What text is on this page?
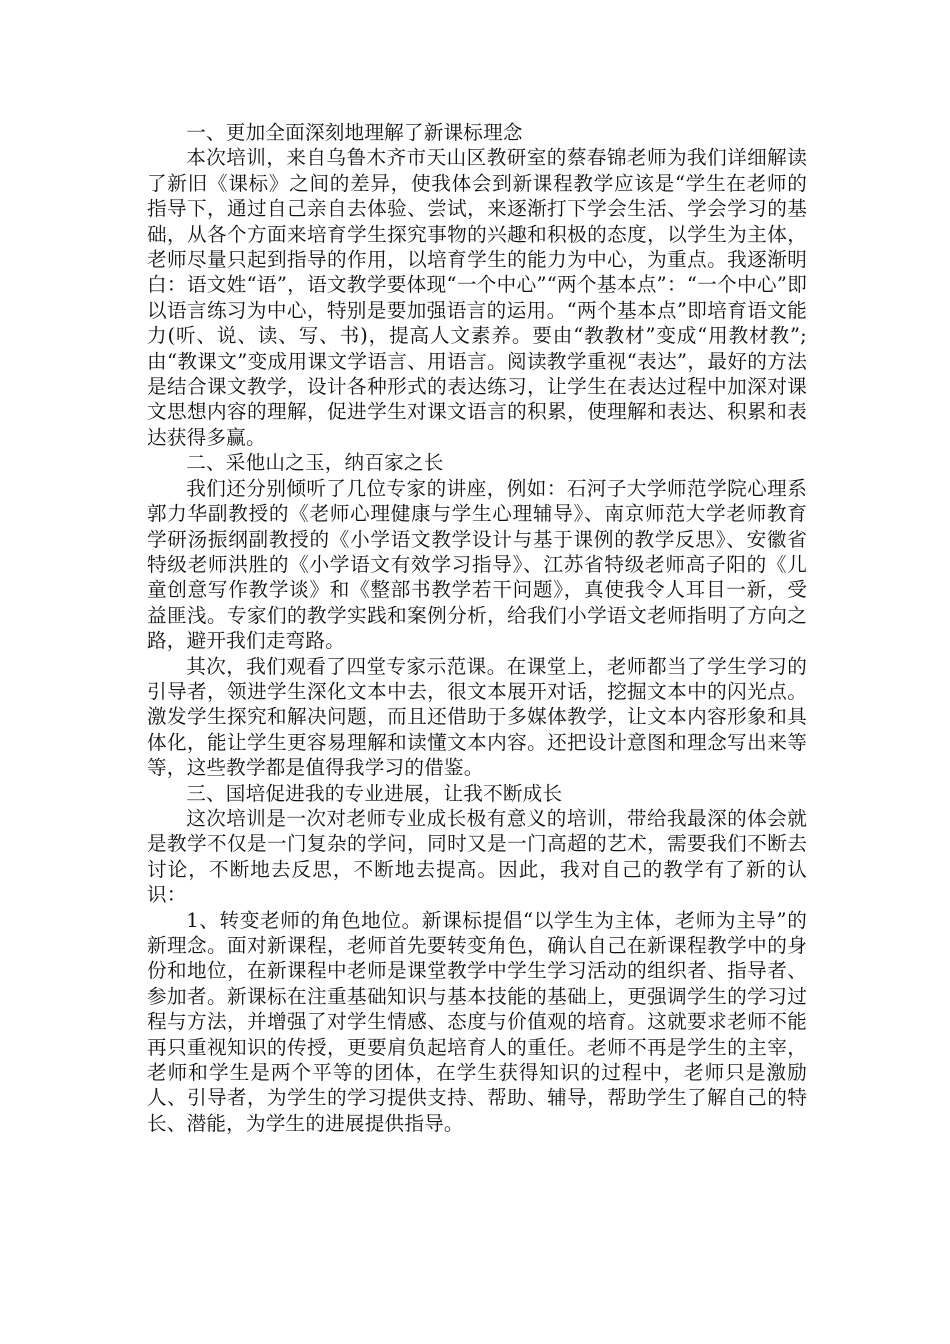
一、更加全面深刻地理解了新课标理念

本次培训，来自乌鲁木齐市天山区教研室的蔡春锦老师为我们详细解读了新旧《课标》之间的差异，使我体会到新课程教学应该是“学生在老师的指导下，通过自己亲自去体验、尝试，来逐渐打下学会生活、学会学习的基础，从各个方面来培育学生探究事物的兴趣和积极的态度，以学生为主体，老师尽量只起到指导的作用，以培育学生的能力为中心，为重点。我逐渐明白：语文姓“语”，语文教学要体现“一个中心”“两个基本点”：“一个中心”即以语言练习为中心，特别是要加强语言的运用。“两个基本点”即培育语文能力(听、说、读、写、书)，提高人文素养。要由“教教材”变成“用教材教”;由“教课文”变成用课文学语言、用语言。阅读教学重视“表达”，最好的方法是结合课文教学，设计各种形式的表达练习，让学生在表达过程中加深对课文思想内容的理解，促进学生对课文语言的积累，使理解和表达、积累和表达获得多赢。

二、采他山之玉，纳百家之长

我们还分别倾听了几位专家的讲座，例如：石河子大学师范学院心理系郭力华副教授的《老师心理健康与学生心理辅导》、南京师范大学老师教育学研汤振纲副教授的《小学语文教学设计与基于课例的教学反思》、安徽省特级老师洪胜的《小学语文有效学习指导》、江苏省特级老师高子阳的《儿童创意写作教学谈》和《整部书教学若干问题》，真使我令人耳目一新，受益匪浅。专家们的教学实践和案例分析，给我们小学语文老师指明了方向之路，避开我们走弯路。

其次，我们观看了四堂专家示范课。在课堂上，老师都当了学生学习的引导者，领进学生深化文本中去，很文本展开对话，挖掘文本中的闪光点。激发学生探究和解决问题，而且还借助于多媒体教学，让文本内容形象和具体化，能让学生更容易理解和读懂文本内容。还把设计意图和理念写出来等等，这些教学都是值得我学习的借鉴。

三、国培促进我的专业进展，让我不断成长

这次培训是一次对老师专业成长极有意义的培训，带给我最深的体会就是教学不仅是一门复杂的学问，同时又是一门高超的艺术，需要我们不断去讨论，不断地去反思，不断地去提高。因此，我对自己的教学有了新的认识：

1、转变老师的角色地位。新课标提倡“以学生为主体，老师为主导”的新理念。面对新课程，老师首先要转变角色，确认自己在新课程教学中的身份和地位，在新课程中老师是课堂教学中学生学习活动的组织者、指导者、参加者。新课标在注重基础知识与基本技能的基础上，更强调学生的学习过程与方法，并增强了对学生情感、态度与价值观的培育。这就要求老师不能再只重视知识的传授，更要肩负起培育人的重任。老师不再是学生的主宰，老师和学生是两个平等的团体，在学生获得知识的过程中，老师只是激励人、引导者，为学生的学习提供支持、帮助、辅导，帮助学生了解自己的特长、潜能，为学生的进展提供指导。
